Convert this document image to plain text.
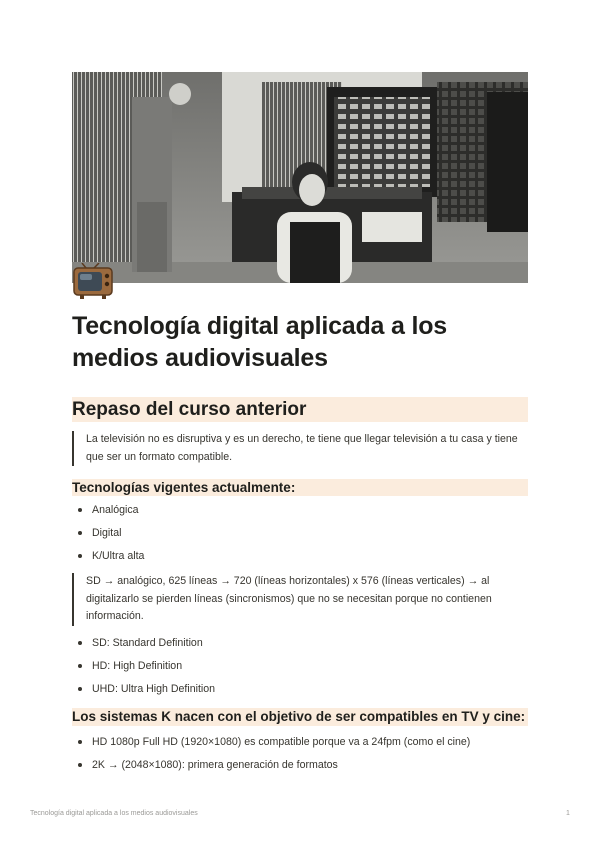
Tecnología digital aplicada a los medios audiovisuales
Repaso del curso anterior

La televisión no es disruptiva y es un derecho, te tiene que llegar televisión a tu casa y tiene que ser un formato compatible.

Tecnologías vigentes actualmente:
Analógica
Digital
K/Ultra alta

SD → analógico, 625 líneas → 720 (líneas horizontales) x 576 (líneas verticales) → al digitalizarlo se pierden líneas (sincronismos) que no se necesitan porque no contienen información.

SD: Standard Definition
HD: High Definition
UHD: Ultra High Definition
Los sistemas K nacen con el objetivo de ser compatibles en TV y cine:
HD 1080p Full HD (1920×1080) es compatible porque va a 24fpm (como el cine)
2K → (2048×1080): primera generación de formatos
Tecnología digital aplicada a los medios audiovisuales	1
